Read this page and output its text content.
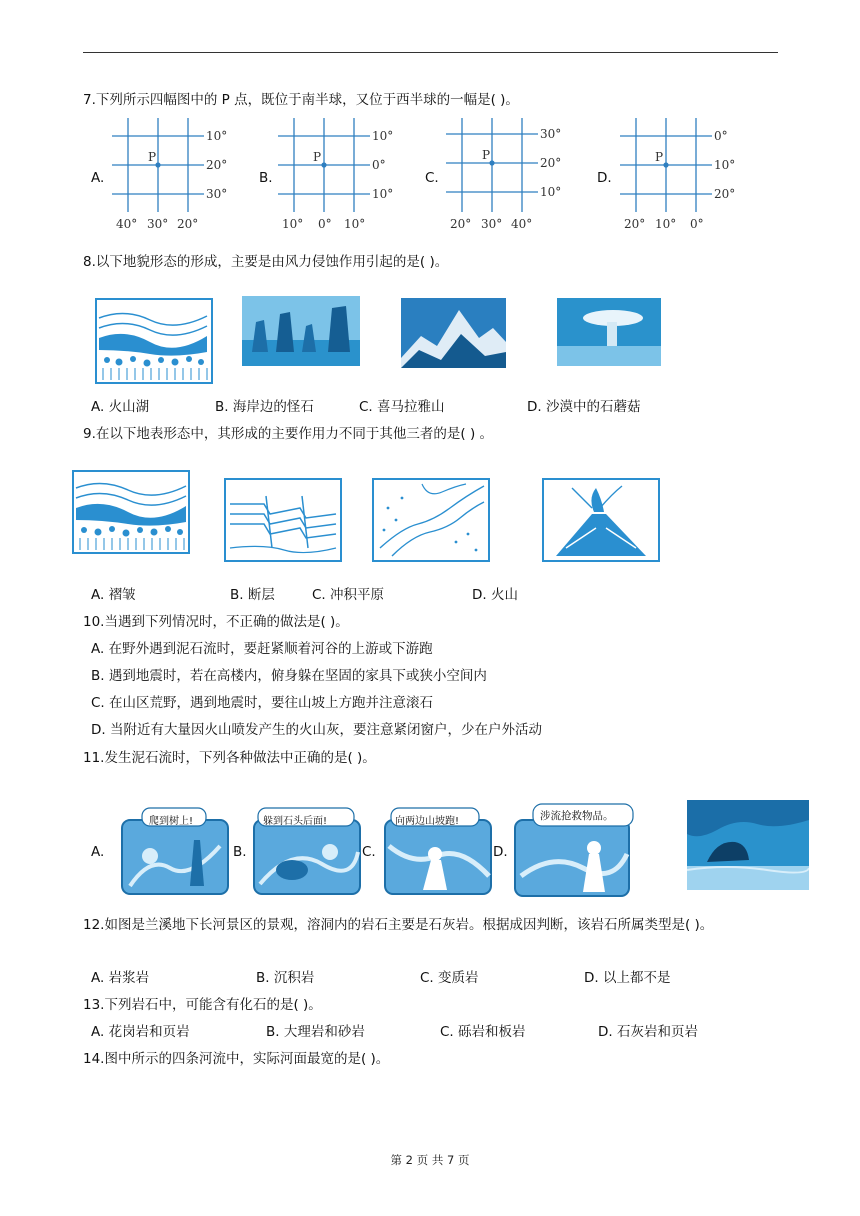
7.下列所示四幅图中的 P 点，既位于南半球，又位于西半球的一幅是( )。
A.
P
10°
20°
30°
40° 30° 20°
B.
P
10°
0°
10°
10° 0° 10°
C.
P
30°
20°
10°
20° 30° 40°
D.
P
0°
10°
20°
20° 10° 0°
8.以下地貌形态的形成，主要是由风力侵蚀作用引起的是( )。
A. 火山湖	B. 海岸边的怪石	C. 喜马拉雅山	D. 沙漠中的石蘑菇
9.在以下地表形态中，其形成的主要作用力不同于其他三者的是( ) 。
A. 褶皱	B. 断层	C. 冲积平原	D. 火山
10.当遇到下列情况时，不正确的做法是( )。
A. 在野外遇到泥石流时，要赶紧顺着河谷的上游或下游跑
B. 遇到地震时，若在高楼内，俯身躲在坚固的家具下或狭小空间内
C. 在山区荒野，遇到地震时，要往山坡上方跑并注意滚石
D. 当附近有大量因火山喷发产生的火山灰，要注意紧闭窗户，少在户外活动
11.发生泥石流时，下列各种做法中正确的是( )。
A.
爬到树上!
B.
躲到石头后面!
C.
向两边山坡跑!
D.
涉流抢救物品。
12.如图是兰溪地下长河景区的景观，溶洞内的岩石主要是石灰岩。根据成因判断，该岩石所属类型是( )。
A. 岩浆岩	B. 沉积岩	C. 变质岩	D. 以上都不是
13.下列岩石中，可能含有化石的是( )。
A. 花岗岩和页岩	B. 大理岩和砂岩	C. 砾岩和板岩	D. 石灰岩和页岩
14.图中所示的四条河流中，实际河面最宽的是( )。
第 2 页 共 7 页
